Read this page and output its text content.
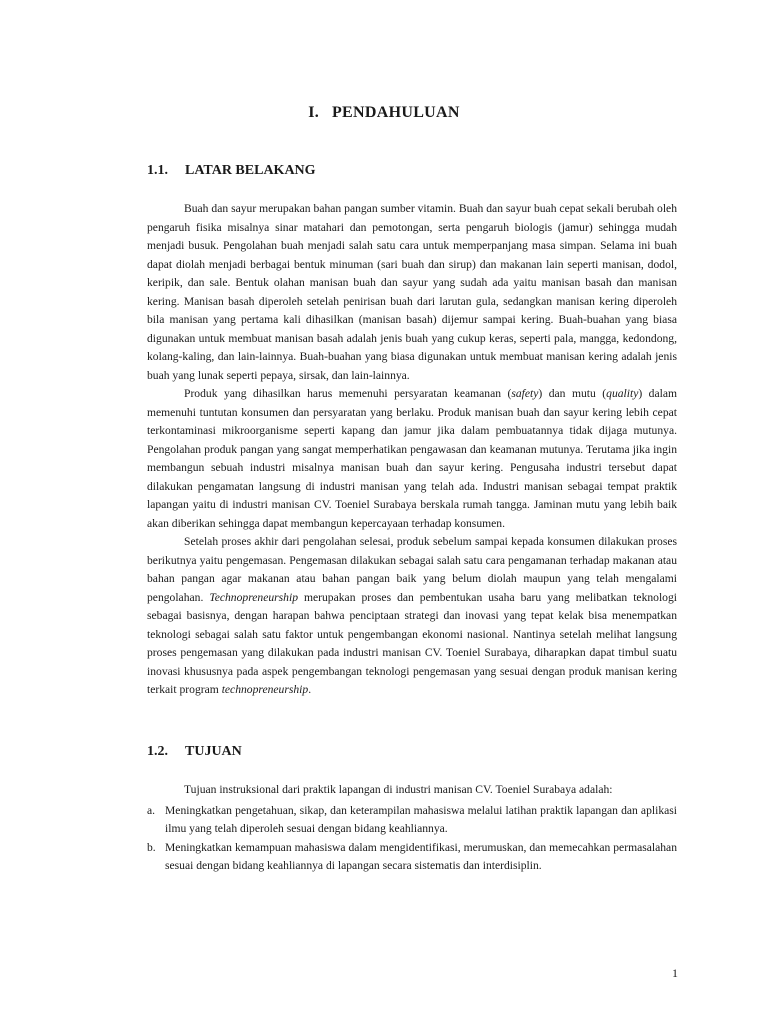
I. PENDAHULUAN
1.1. LATAR BELAKANG

Buah dan sayur merupakan bahan pangan sumber vitamin. Buah dan sayur buah cepat sekali berubah oleh pengaruh fisika misalnya sinar matahari dan pemotongan, serta pengaruh biologis (jamur) sehingga mudah menjadi busuk. Pengolahan buah menjadi salah satu cara untuk memperpanjang masa simpan. Selama ini buah dapat diolah menjadi berbagai bentuk minuman (sari buah dan sirup) dan makanan lain seperti manisan, dodol, keripik, dan sale. Bentuk olahan manisan buah dan sayur yang sudah ada yaitu manisan basah dan manisan kering. Manisan basah diperoleh setelah penirisan buah dari larutan gula, sedangkan manisan kering diperoleh bila manisan yang pertama kali dihasilkan (manisan basah) dijemur sampai kering. Buah-buahan yang biasa digunakan untuk membuat manisan basah adalah jenis buah yang cukup keras, seperti pala, mangga, kedondong, kolang-kaling, dan lain-lainnya. Buah-buahan yang biasa digunakan untuk membuat manisan kering adalah jenis buah yang lunak seperti pepaya, sirsak, dan lain-lainnya.

Produk yang dihasilkan harus memenuhi persyaratan keamanan (safety) dan mutu (quality) dalam memenuhi tuntutan konsumen dan persyaratan yang berlaku. Produk manisan buah dan sayur kering lebih cepat terkontaminasi mikroorganisme seperti kapang dan jamur jika dalam pembuatannya tidak dijaga mutunya. Pengolahan produk pangan yang sangat memperhatikan pengawasan dan keamanan mutunya. Terutama jika ingin membangun sebuah industri misalnya manisan buah dan sayur kering. Pengusaha industri tersebut dapat dilakukan pengamatan langsung di industri manisan yang telah ada. Industri manisan sebagai tempat praktik lapangan yaitu di industri manisan CV. Toeniel Surabaya berskala rumah tangga. Jaminan mutu yang lebih baik akan diberikan sehingga dapat membangun kepercayaan terhadap konsumen.

Setelah proses akhir dari pengolahan selesai, produk sebelum sampai kepada konsumen dilakukan proses berikutnya yaitu pengemasan. Pengemasan dilakukan sebagai salah satu cara pengamanan terhadap makanan atau bahan pangan agar makanan atau bahan pangan baik yang belum diolah maupun yang telah mengalami pengolahan. Technopreneurship merupakan proses dan pembentukan usaha baru yang melibatkan teknologi sebagai basisnya, dengan harapan bahwa penciptaan strategi dan inovasi yang tepat kelak bisa menempatkan teknologi sebagai salah satu faktor untuk pengembangan ekonomi nasional. Nantinya setelah melihat langsung proses pengemasan yang dilakukan pada industri manisan CV. Toeniel Surabaya, diharapkan dapat timbul suatu inovasi khususnya pada aspek pengembangan teknologi pengemasan yang sesuai dengan produk manisan kering terkait program technopreneurship.

1.2. TUJUAN

Tujuan instruksional dari praktik lapangan di industri manisan CV. Toeniel Surabaya adalah:

a. Meningkatkan pengetahuan, sikap, dan keterampilan mahasiswa melalui latihan praktik lapangan dan aplikasi ilmu yang telah diperoleh sesuai dengan bidang keahliannya.
b. Meningkatkan kemampuan mahasiswa dalam mengidentifikasi, merumuskan, dan memecahkan permasalahan sesuai dengan bidang keahliannya di lapangan secara sistematis dan interdisiplin.
1
